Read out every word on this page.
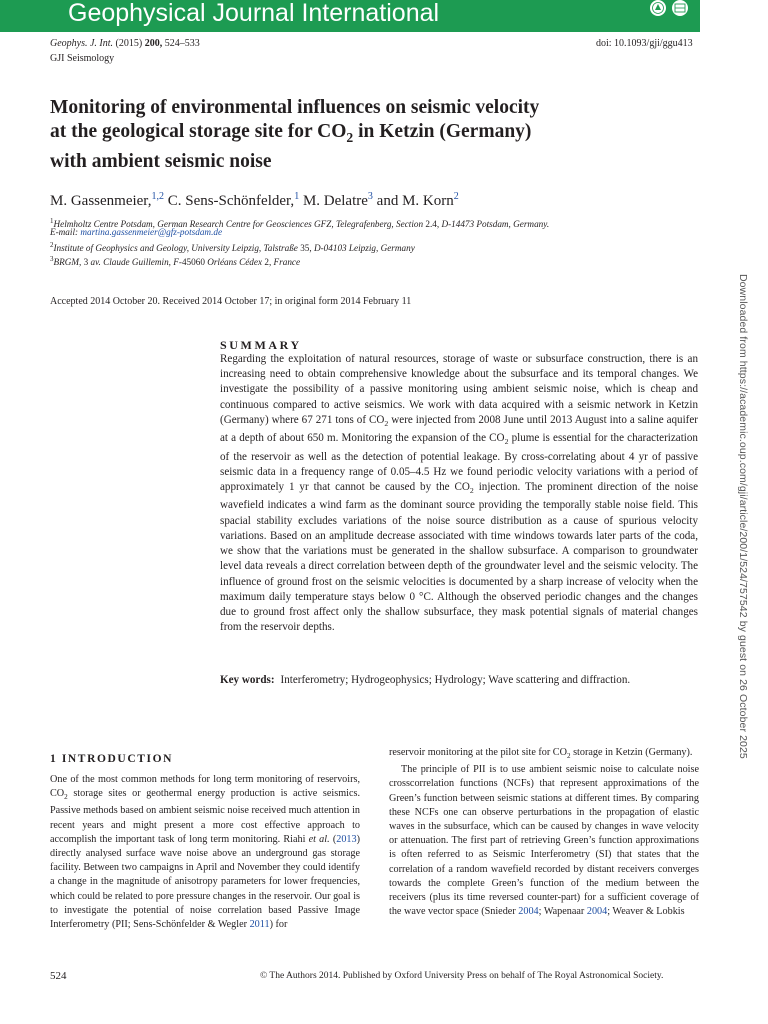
Geophysical Journal International
Geophys. J. Int. (2015) 200, 524–533
GJI Seismology
doi: 10.1093/gji/ggu413
Monitoring of environmental influences on seismic velocity
at the geological storage site for $CO_2$ in Ketzin (Germany)
with ambient seismic noise
M. Gassenmeier,$^{1,2}$ C. Sens-Schönfelder,$^1$ M. Delatre$^3$ and M. Korn$^2$
$^1$Helmholtz Centre Potsdam, German Research Centre for Geosciences GFZ, Telegrafenberg, Section 2.4, D-14473 Potsdam, Germany.
E-mail: martina.gassenmeier@gfz-potsdam.de
$^2$Institute of Geophysics and Geology, University Leipzig, Talstraße 35, D-04103 Leipzig, Germany
$^3$BRGM, 3 av. Claude Guillemin, F-45060 Orléans Cédex 2, France
Accepted 2014 October 20. Received 2014 October 17; in original form 2014 February 11
SUMMARY

Regarding the exploitation of natural resources, storage of waste or subsurface construction, there is an increasing need to obtain comprehensive knowledge about the subsurface and its temporal changes. We investigate the possibility of a passive monitoring using ambient seismic noise, which is cheap and continuous compared to active seismics. We work with data acquired with a seismic network in Ketzin (Germany) where 67 271 tons of $CO_2$ were injected from 2008 June until 2013 August into a saline aquifer at a depth of about 650 m. Monitoring the expansion of the $CO_2$ plume is essential for the characterization of the reservoir as well as the detection of potential leakage. By cross-correlating about 4 yr of passive seismic data in a frequency range of 0.05–4.5 Hz we found periodic velocity variations with a period of approximately 1 yr that cannot be caused by the $CO_2$ injection. The prominent direction of the noise wavefield indicates a wind farm as the dominant source providing the temporally stable noise field. This spacial stability excludes variations of the noise source distribution as a cause of spurious velocity variations. Based on an amplitude decrease associated with time windows towards later parts of the coda, we show that the variations must be generated in the shallow subsurface. A comparison to groundwater level data reveals a direct correlation between depth of the groundwater level and the seismic velocity. The influence of ground frost on the seismic velocities is documented by a sharp increase of velocity when the maximum daily temperature stays below 0 °C. Although the observed periodic changes and the changes due to ground frost affect only the shallow subsurface, they mask potential signals of material changes from the reservoir depths.

Key words: Interferometry; Hydrogeophysics; Hydrology; Wave scattering and diffraction.
1 INTRODUCTION

One of the most common methods for long term monitoring of reservoirs, $CO_2$ storage sites or geothermal energy production is active seismics. Passive methods based on ambient seismic noise received much attention in recent years and might present a more cost effective approach to accomplish the important task of long term monitoring. Riahi et al. (2013) directly analysed surface wave noise above an underground gas storage facility. Between two campaigns in April and November they could identify a change in the magnitude of anisotropy parameters for lower frequencies, which could be related to pore pressure changes in the reservoir. Our goal is to investigate the potential of noise correlation based Passive Image Interferometry (PII; Sens-Schönfelder & Wegler 2011) for

reservoir monitoring at the pilot site for $CO_2$ storage in Ketzin (Germany).

The principle of PII is to use ambient seismic noise to calculate noise crosscorrelation functions (NCFs) that represent approximations of the Green’s function between seismic stations at different times. By comparing these NCFs one can observe perturbations in the propagation of elastic waves in the subsurface, which can be caused by changes in wave velocity or attenuation. The first part of retrieving Green’s function approximations is often referred to as Seismic Interferometry (SI) that states that the correlation of a random wavefield recorded by distant receivers converges towards the complete Green’s function of the medium between the receivers (plus its time reversed counter-part) for a sufficient coverage of the wave vector space (Snieder 2004; Wapenaar 2004; Weaver & Lobkis

524	© The Authors 2014. Published by Oxford University Press on behalf of The Royal Astronomical Society.
Downloaded from https://academic.oup.com/gji/article/200/1/524/757542 by guest on 26 October 2025
